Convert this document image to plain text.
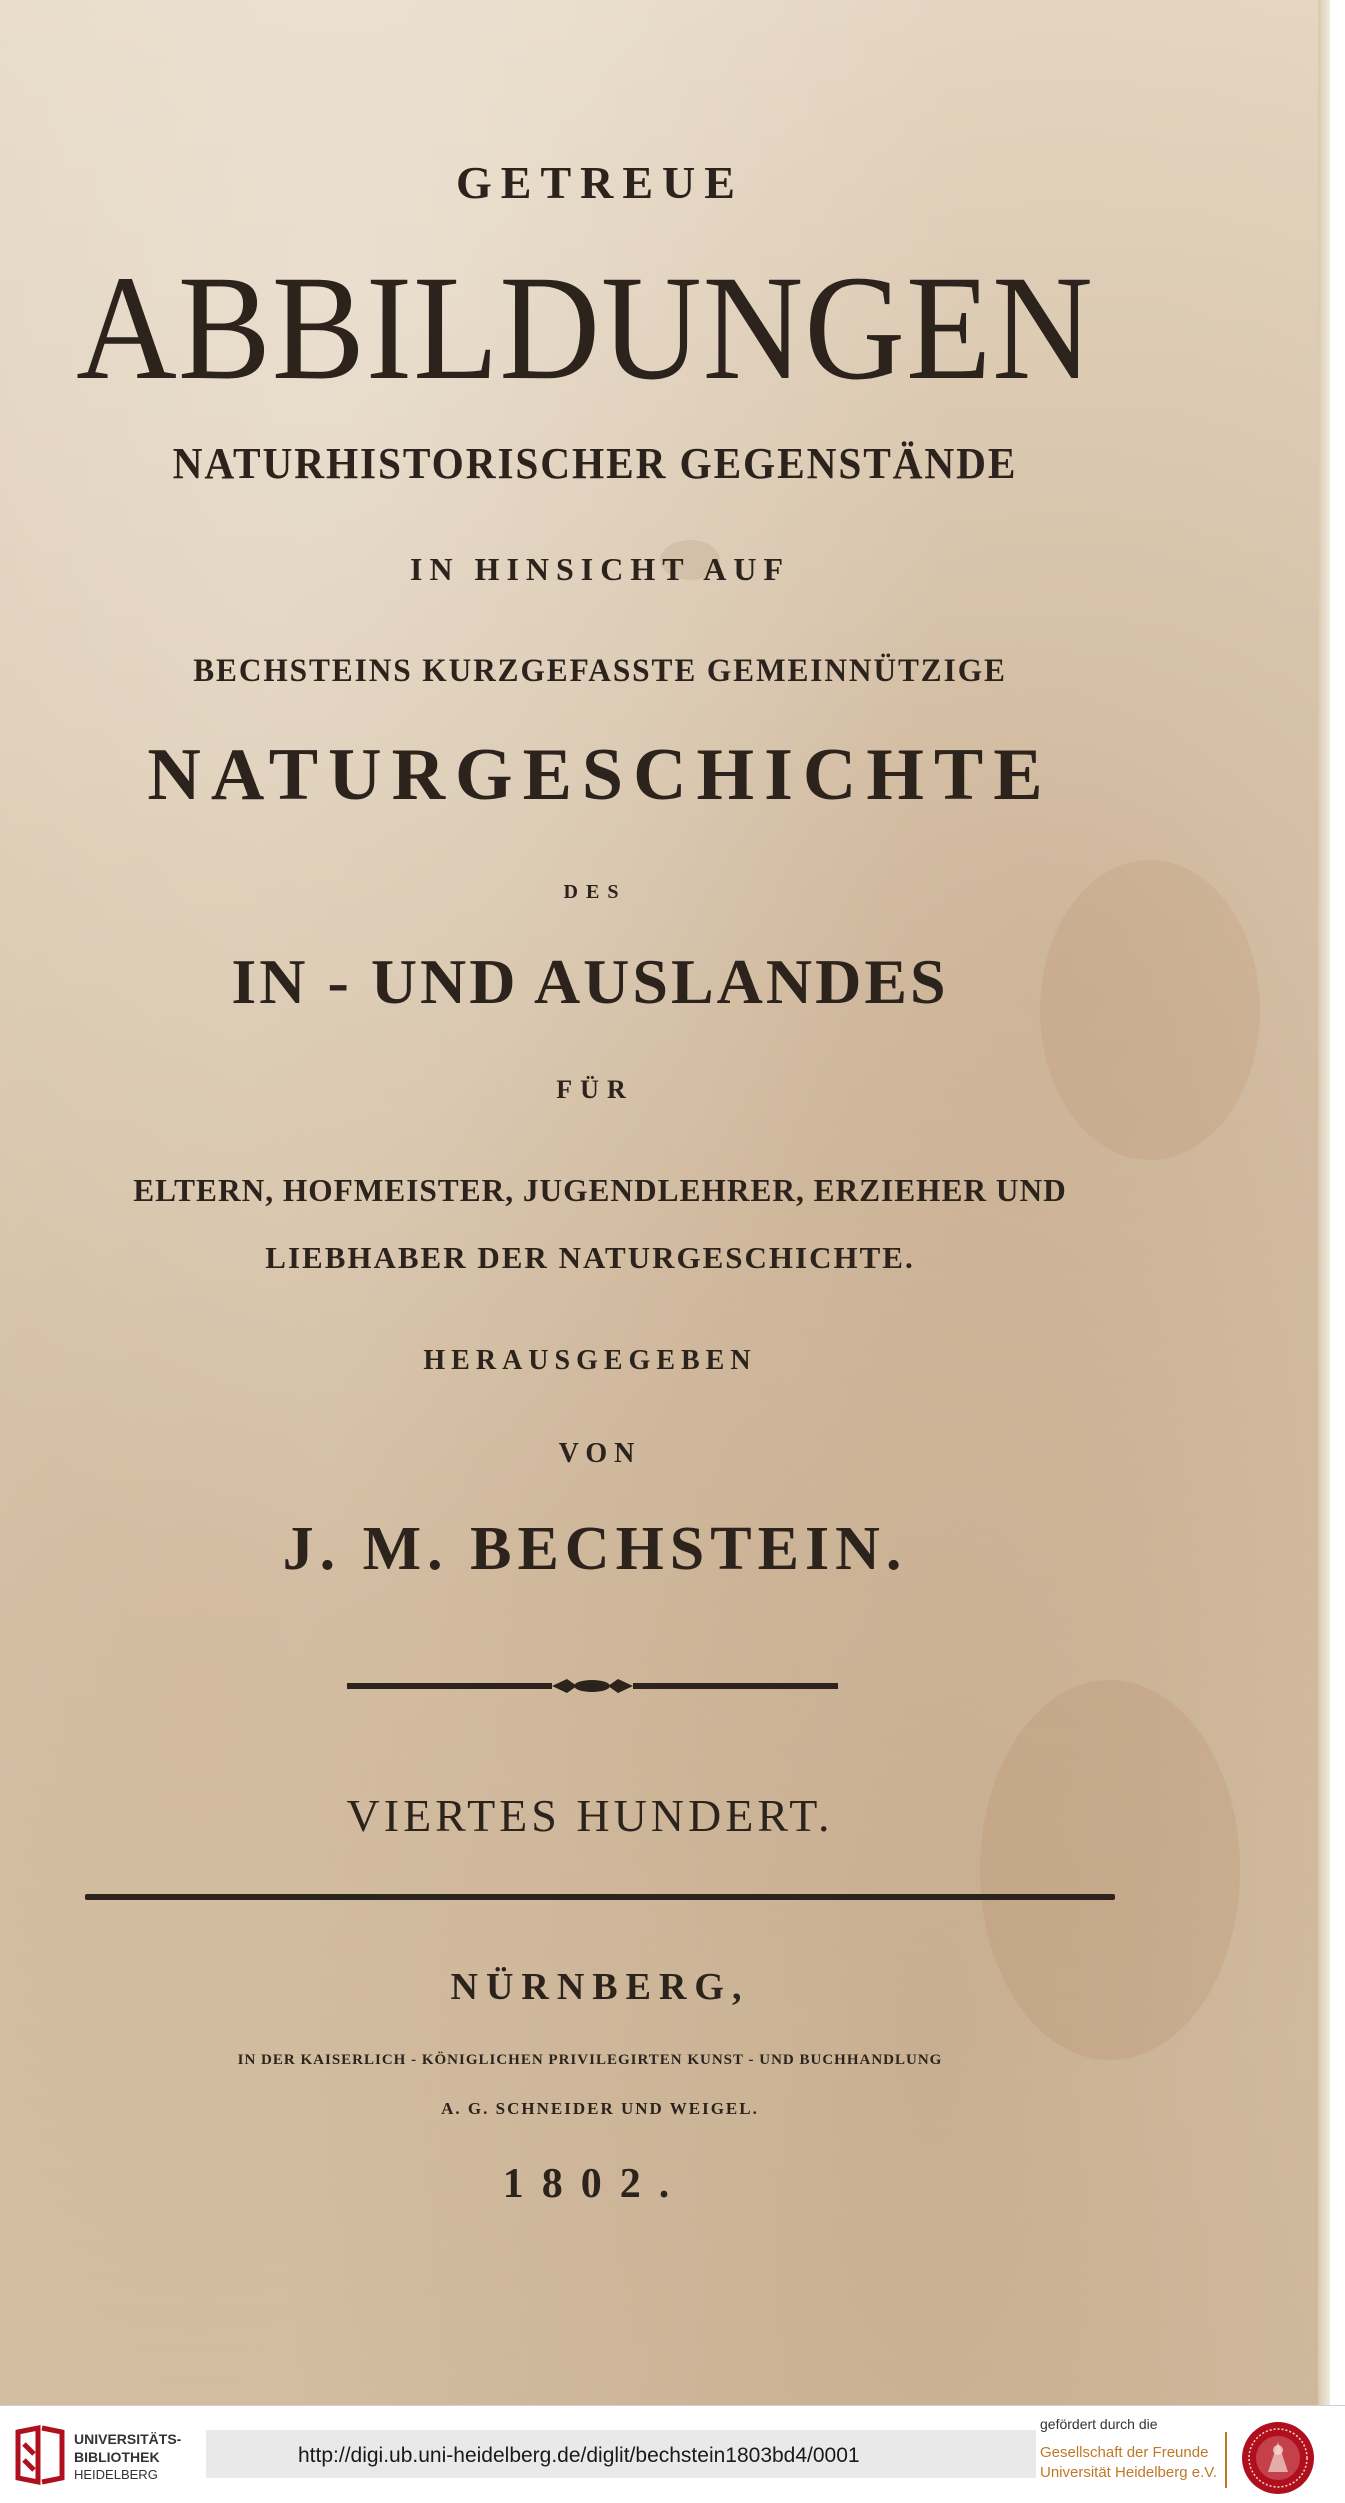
GETREUE

ABBILDUNGEN

NATURHISTORISCHER GEGENSTÄNDE

IN HINSICHT AUF

BECHSTEINS KURZGEFASSTE GEMEINNÜTZIGE

NATURGESCHICHTE

DES

IN - UND AUSLANDES

FÜR

ELTERN, HOFMEISTER, JUGENDLEHRER, ERZIEHER UND

LIEBHABER DER NATURGESCHICHTE.

HERAUSGEGEBEN

VON

J. M. BECHSTEIN.

VIERTES HUNDERT.

NÜRNBERG,

IN DER KAISERLICH - KÖNIGLICHEN PRIVILEGIRTEN KUNST - UND BUCHHANDLUNG

A. G. SCHNEIDER UND WEIGEL.

1802.

UNIVERSITÄTS-
BIBLIOTHEK
HEIDELBERG
http://digi.ub.uni-heidelberg.de/diglit/bechstein1803bd4/0001
gefördert durch die
Gesellschaft der Freunde
Universität Heidelberg e.V.
